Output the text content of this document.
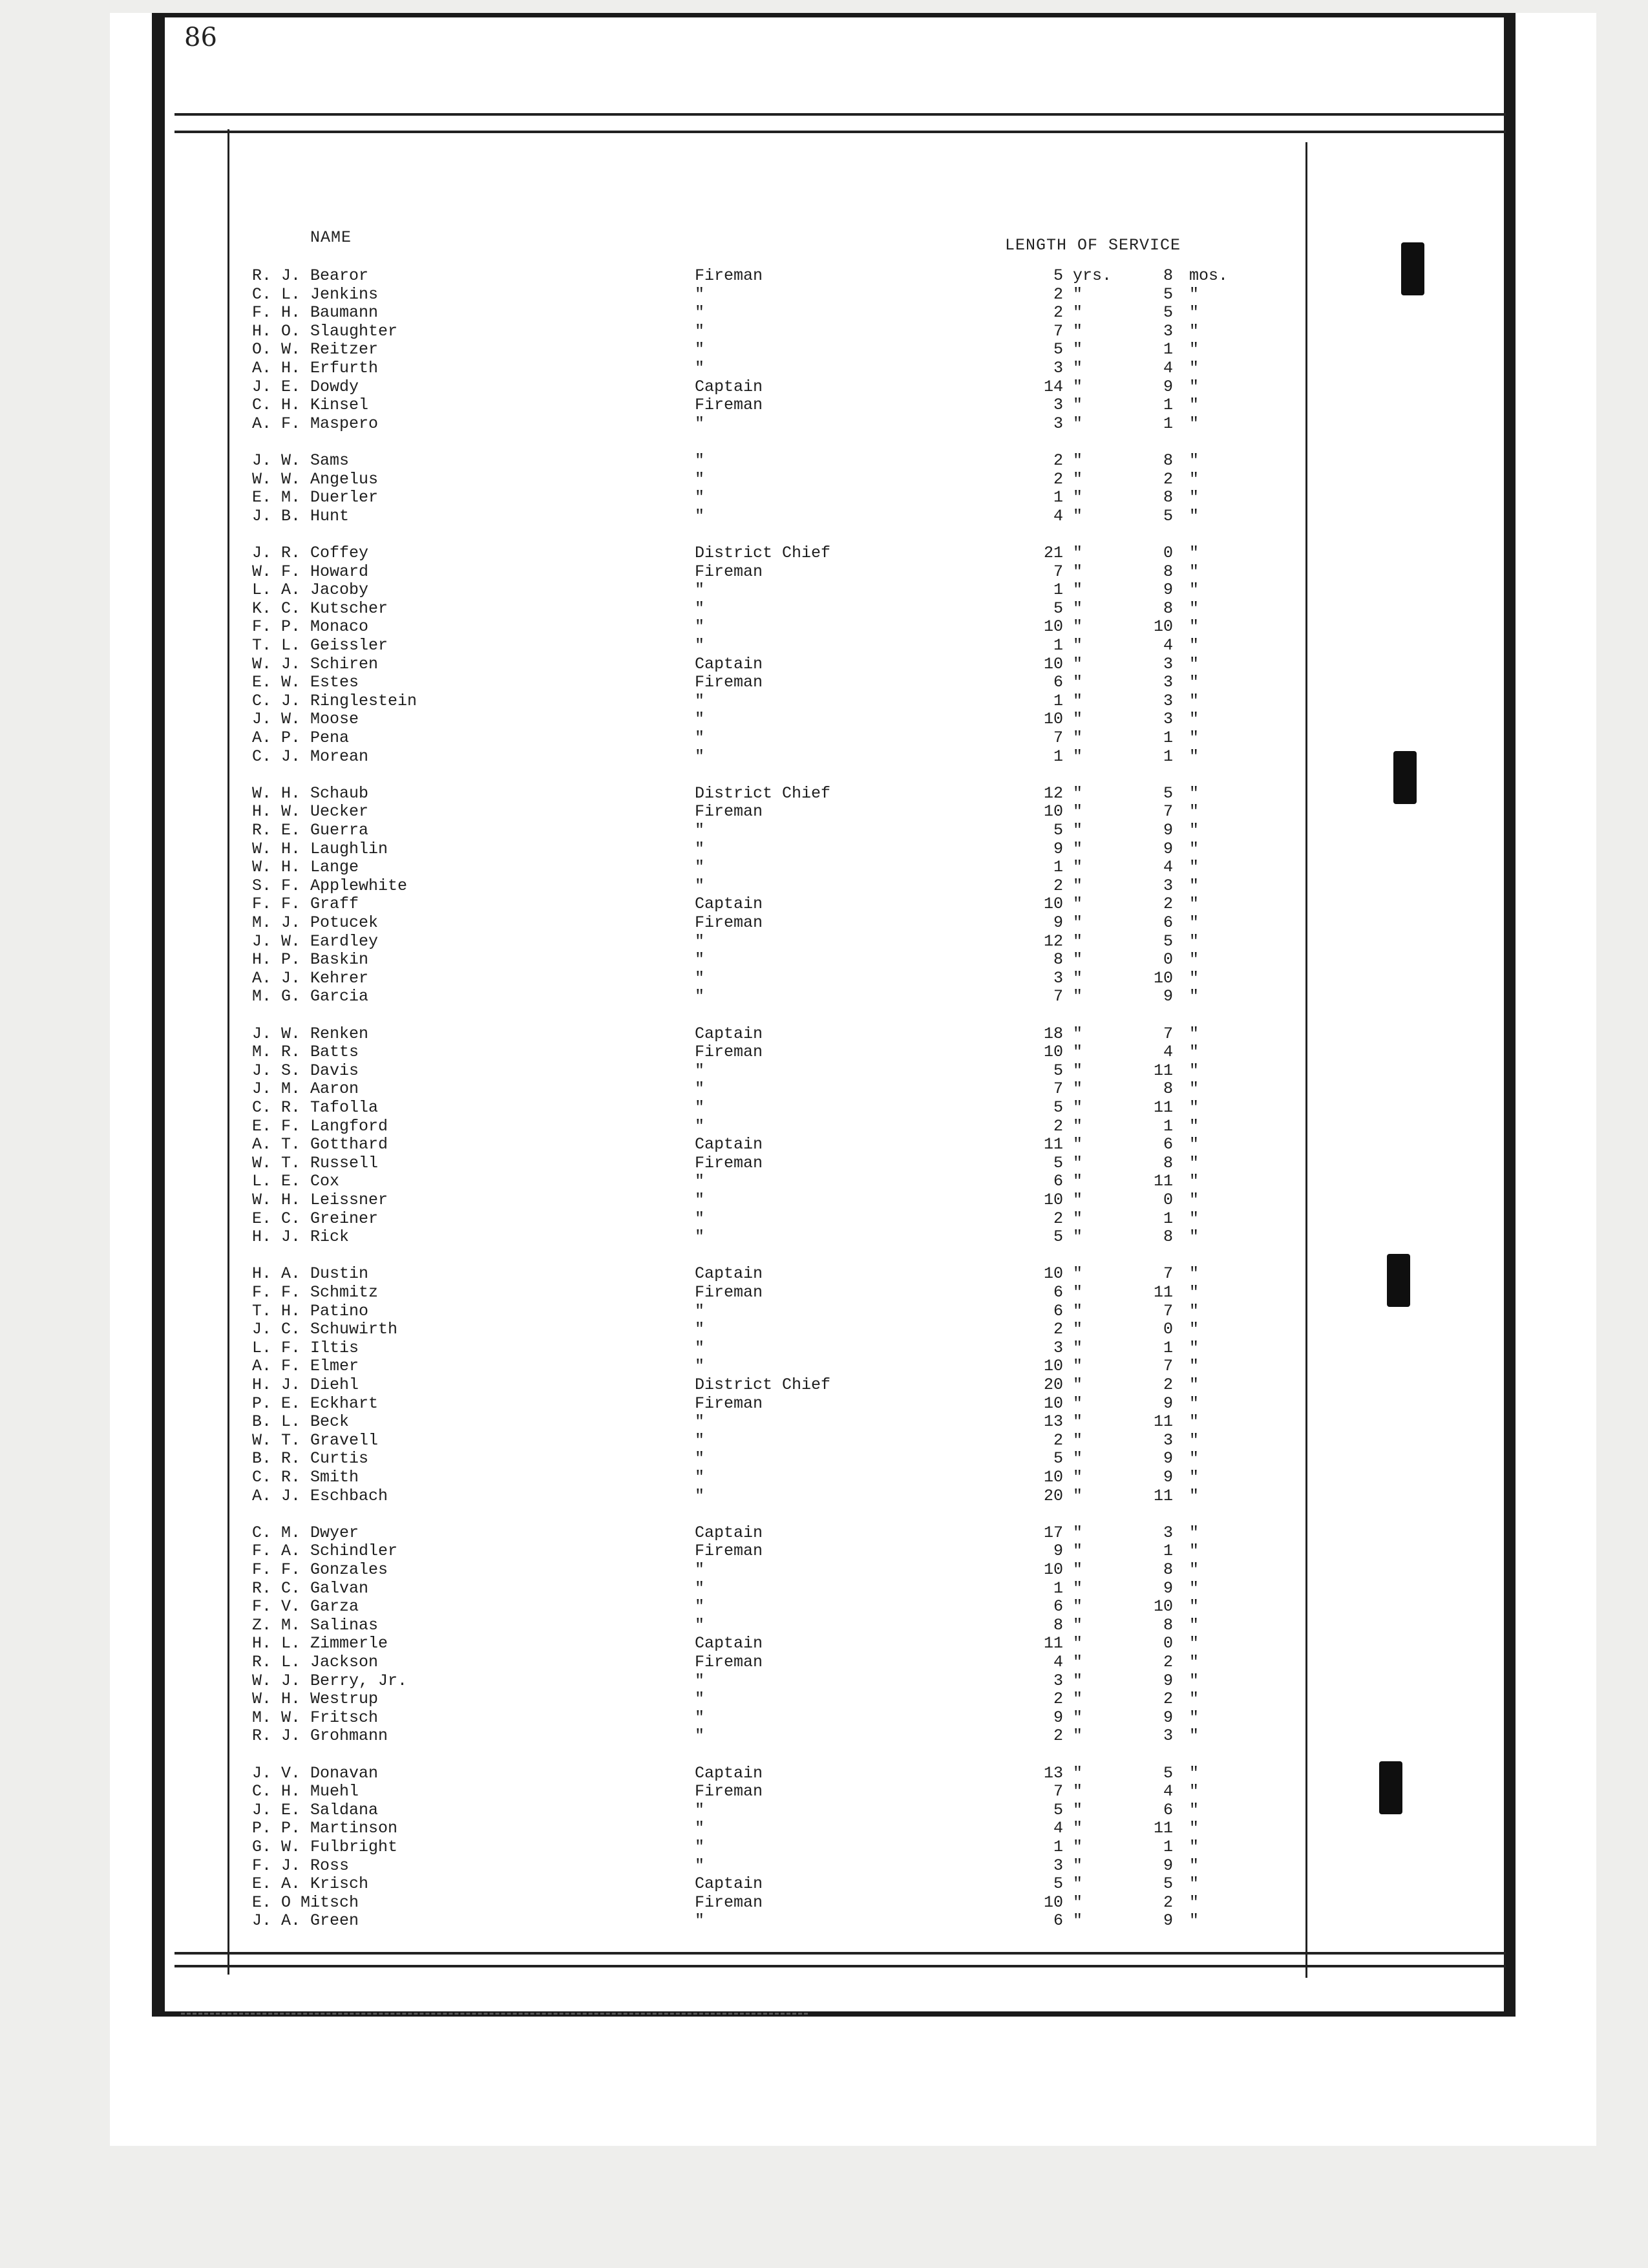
86
NAME	LENGTH OF SERVICE
R. J. Bearor	Fireman	5 yrs.	8 mos.
C. L. Jenkins	"	2 "	5 "
F. H. Baumann	"	2 "	5 "
H. O. Slaughter	"	7 "	3 "
O. W. Reitzer	"	5 "	1 "
A. H. Erfurth	"	3 "	4 "
J. E. Dowdy	Captain	14 "	9 "
C. H. Kinsel	Fireman	3 "	1 "
A. F. Maspero	"	3 "	1 "
J. W. Sams	"	2 "	8 "
W. W. Angelus	"	2 "	2 "
E. M. Duerler	"	1 "	8 "
J. B. Hunt	"	4 "	5 "
J. R. Coffey	District Chief	21 "	0 "
W. F. Howard	Fireman	7 "	8 "
L. A. Jacoby	"	1 "	9 "
K. C. Kutscher	"	5 "	8 "
F. P. Monaco	"	10 "	10 "
T. L. Geissler	"	1 "	4 "
W. J. Schiren	Captain	10 "	3 "
E. W. Estes	Fireman	6 "	3 "
C. J. Ringlestein	"	1 "	3 "
J. W. Moose	"	10 "	3 "
A. P. Pena	"	7 "	1 "
C. J. Morean	"	1 "	1 "
W. H. Schaub	District Chief	12 "	5 "
H. W. Uecker	Fireman	10 "	7 "
R. E. Guerra	"	5 "	9 "
W. H. Laughlin	"	9 "	9 "
W. H. Lange	"	1 "	4 "
S. F. Applewhite	"	2 "	3 "
F. F. Graff	Captain	10 "	2 "
M. J. Potucek	Fireman	9 "	6 "
J. W. Eardley	"	12 "	5 "
H. P. Baskin	"	8 "	0 "
A. J. Kehrer	"	3 "	10 "
M. G. Garcia	"	7 "	9 "
J. W. Renken	Captain	18 "	7 "
M. R. Batts	Fireman	10 "	4 "
J. S. Davis	"	5 "	11 "
J. M. Aaron	"	7 "	8 "
C. R. Tafolla	"	5 "	11 "
E. F. Langford	"	2 "	1 "
A. T. Gotthard	Captain	11 "	6 "
W. T. Russell	Fireman	5 "	8 "
L. E. Cox	"	6 "	11 "
W. H. Leissner	"	10 "	0 "
E. C. Greiner	"	2 "	1 "
H. J. Rick	"	5 "	8 "
H. A. Dustin	Captain	10 "	7 "
F. F. Schmitz	Fireman	6 "	11 "
T. H. Patino	"	6 "	7 "
J. C. Schuwirth	"	2 "	0 "
L. F. Iltis	"	3 "	1 "
A. F. Elmer	"	10 "	7 "
H. J. Diehl	District Chief	20 "	2 "
P. E. Eckhart	Fireman	10 "	9 "
B. L. Beck	"	13 "	11 "
W. T. Gravell	"	2 "	3 "
B. R. Curtis	"	5 "	9 "
C. R. Smith	"	10 "	9 "
A. J. Eschbach	"	20 "	11 "
C. M. Dwyer	Captain	17 "	3 "
F. A. Schindler	Fireman	9 "	1 "
F. F. Gonzales	"	10 "	8 "
R. C. Galvan	"	1 "	9 "
F. V. Garza	"	6 "	10 "
Z. M. Salinas	"	8 "	8 "
H. L. Zimmerle	Captain	11 "	0 "
R. L. Jackson	Fireman	4 "	2 "
W. J. Berry, Jr.	"	3 "	9 "
W. H. Westrup	"	2 "	2 "
M. W. Fritsch	"	9 "	9 "
R. J. Grohmann	"	2 "	3 "
J. V. Donavan	Captain	13 "	5 "
C. H. Muehl	Fireman	7 "	4 "
J. E. Saldana	"	5 "	6 "
P. P. Martinson	"	4 "	11 "
G. W. Fulbright	"	1 "	1 "
F. J. Ross	"	3 "	9 "
E. A. Krisch	Captain	5 "	5 "
E. O Mitsch	Fireman	10 "	2 "
J. A. Green	"	6 "	9 "
